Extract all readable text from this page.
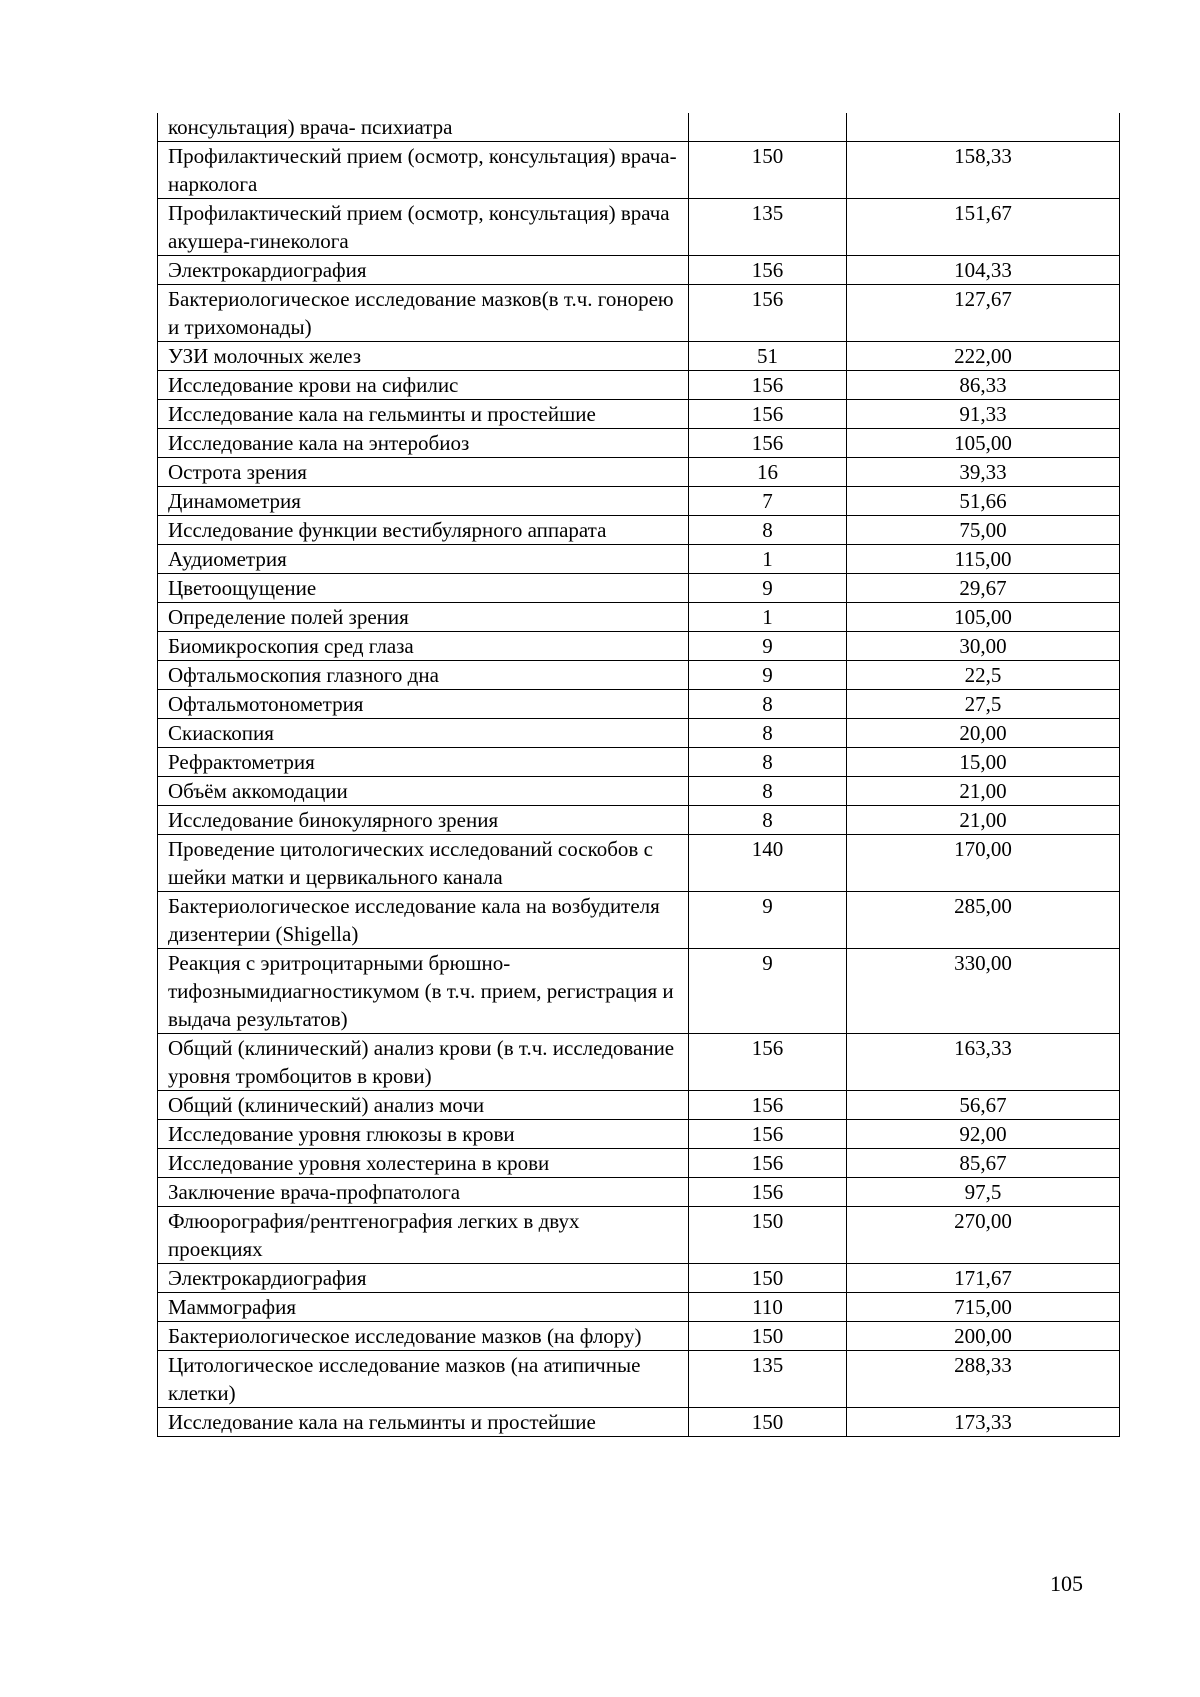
консультация) врача- психиатра		
Профилактический прием (осмотр, консультация) врача- нарколога	150	158,33
Профилактический прием (осмотр, консультация) врача акушера-гинеколога	135	151,67
Электрокардиография	156	104,33
Бактериологическое исследование мазков(в т.ч. гонорею и трихомонады)	156	127,67
УЗИ молочных желез	51	222,00
Исследование крови на сифилис	156	86,33
Исследование кала на гельминты и простейшие	156	91,33
Исследование кала на энтеробиоз	156	105,00
Острота зрения	16	39,33
Динамометрия	7	51,66
Исследование функции вестибулярного аппарата	8	75,00
Аудиометрия	1	115,00
Цветоощущение	9	29,67
Определение полей зрения	1	105,00
Биомикроскопия сред глаза	9	30,00
Офтальмоскопия глазного дна	9	22,5
Офтальмотонометрия	8	27,5
Скиаскопия	8	20,00
Рефрактометрия	8	15,00
Объём аккомодации	8	21,00
Исследование бинокулярного зрения	8	21,00
Проведение цитологических исследований соскобов с шейки матки и цервикального канала	140	170,00
Бактериологическое исследование кала на возбудителя дизентерии (Shigella)	9	285,00
Реакция с эритроцитарными брюшно-тифознымидиагностикумом (в т.ч. прием, регистрация и выдача результатов)	9	330,00
Общий (клинический) анализ крови (в т.ч. исследование уровня тромбоцитов в крови)	156	163,33
Общий (клинический) анализ мочи	156	56,67
Исследование уровня глюкозы в крови	156	92,00
Исследование уровня холестерина в крови	156	85,67
Заключение врача-профпатолога	156	97,5
Флюорография/рентгенография легких в двух проекциях	150	270,00
Электрокардиография	150	171,67
Маммография	110	715,00
Бактериологическое исследование мазков (на флору)	150	200,00
Цитологическое исследование мазков (на атипичные клетки)	135	288,33
Исследование кала на гельминты и простейшие	150	173,33
105
